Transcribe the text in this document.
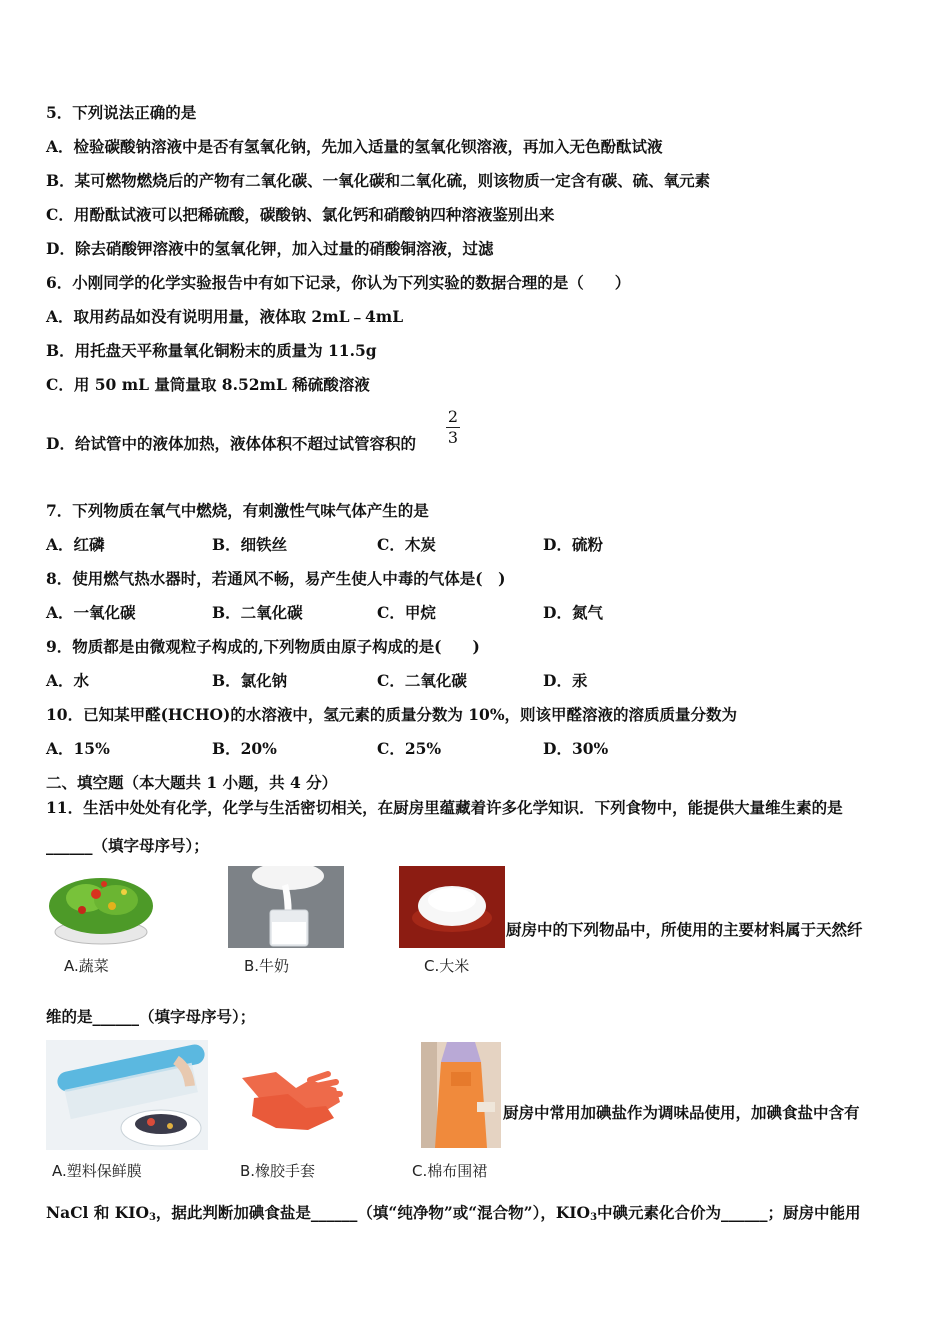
5．下列说法正确的是
A．检验碳酸钠溶液中是否有氢氧化钠，先加入适量的氢氧化钡溶液，再加入无色酚酞试液
B．某可燃物燃烧后的产物有二氧化碳、一氧化碳和二氧化硫，则该物质一定含有碳、硫、氧元素
C．用酚酞试液可以把稀硫酸，碳酸钠、氯化钙和硝酸钠四种溶液鉴别出来
D．除去硝酸钾溶液中的氢氧化钾，加入过量的硝酸铜溶液，过滤
6．小刚同学的化学实验报告中有如下记录，你认为下列实验的数据合理的是（　　）
A．取用药品如没有说明用量，液体取 2mL﹣4mL
B．用托盘天平称量氧化铜粉末的质量为 11.5g
C．用 50 mL 量筒量取 8.52mL 稀硫酸溶液
D．给试管中的液体加热，液体体积不超过试管容积的
2
3
7．下列物质在氧气中燃烧，有刺激性气味气体产生的是
A．红磷	B．细铁丝	C．木炭	D．硫粉
8．使用燃气热水器时，若通风不畅，易产生使人中毒的气体是(　)
A．一氧化碳	B．二氧化碳	C．甲烷	D．氮气
9．物质都是由微观粒子构成的,下列物质由原子构成的是(　　)
A．水	B．氯化钠	C．二氧化碳	D．汞
10．已知某甲醛(HCHO)的水溶液中，氢元素的质量分数为 10%，则该甲醛溶液的溶质质量分数为
A．15%	B．20%	C．25%	D．30%
二、填空题（本大题共 1 小题，共 4 分）
11．生活中处处有化学，化学与生活密切相关，在厨房里蕴藏着许多化学知识．下列食物中，能提供大量维生素的是
______（填字母序号）；
厨房中的下列物品中，所使用的主要材料属于天然纤
A.蔬菜	B.牛奶	C.大米
维的是______（填字母序号）；
厨房中常用加碘盐作为调味品使用，加碘食盐中含有
A.塑料保鲜膜	B.橡胶手套	C.棉布围裙
NaCl 和 $KIO_3$，据此判断加碘食盐是______（填“纯净物”或“混合物”），$KIO_3$中碘元素化合价为______；厨房中能用
